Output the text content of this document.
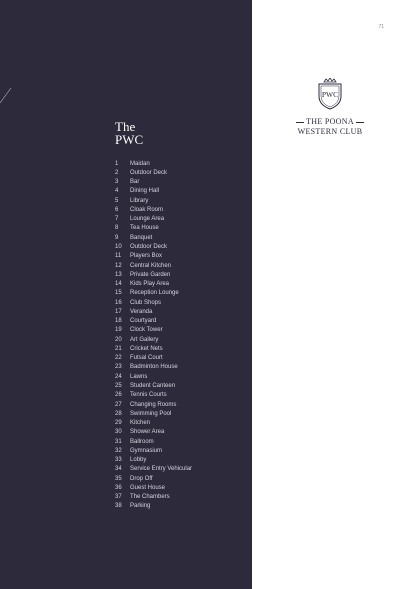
The
PWC
1	Maidan
2	Outdoor Deck
3	Bar
4	Dining Hall
5	Library
6	Cloak Room
7	Lounge Area
8	Tea House
9	Banquet
10	Outdoor Deck
11	Players Box
12	Central Kitchen
13	Private Garden
14	Kids Play Area
15	Reception Lounge
16	Club Shops
17	Veranda
18	Courtyard
19	Clock Tower
20	Art Gallery
21	Cricket Nets
22	Futsal Court
23	Badminton House
24	Lawns
25	Student Canteen
26	Tennis Courts
27	Changing Rooms
28	Swimming Pool
29	Kitchen
30	Shower Area
31	Ballroom
32	Gymnasium
33	Lobby
34	Service Entry Vehicular
35	Drop Off
36	Guest House
37	The Chambers
38	Parking
71
PWC
THE POONA
WESTERN CLUB
